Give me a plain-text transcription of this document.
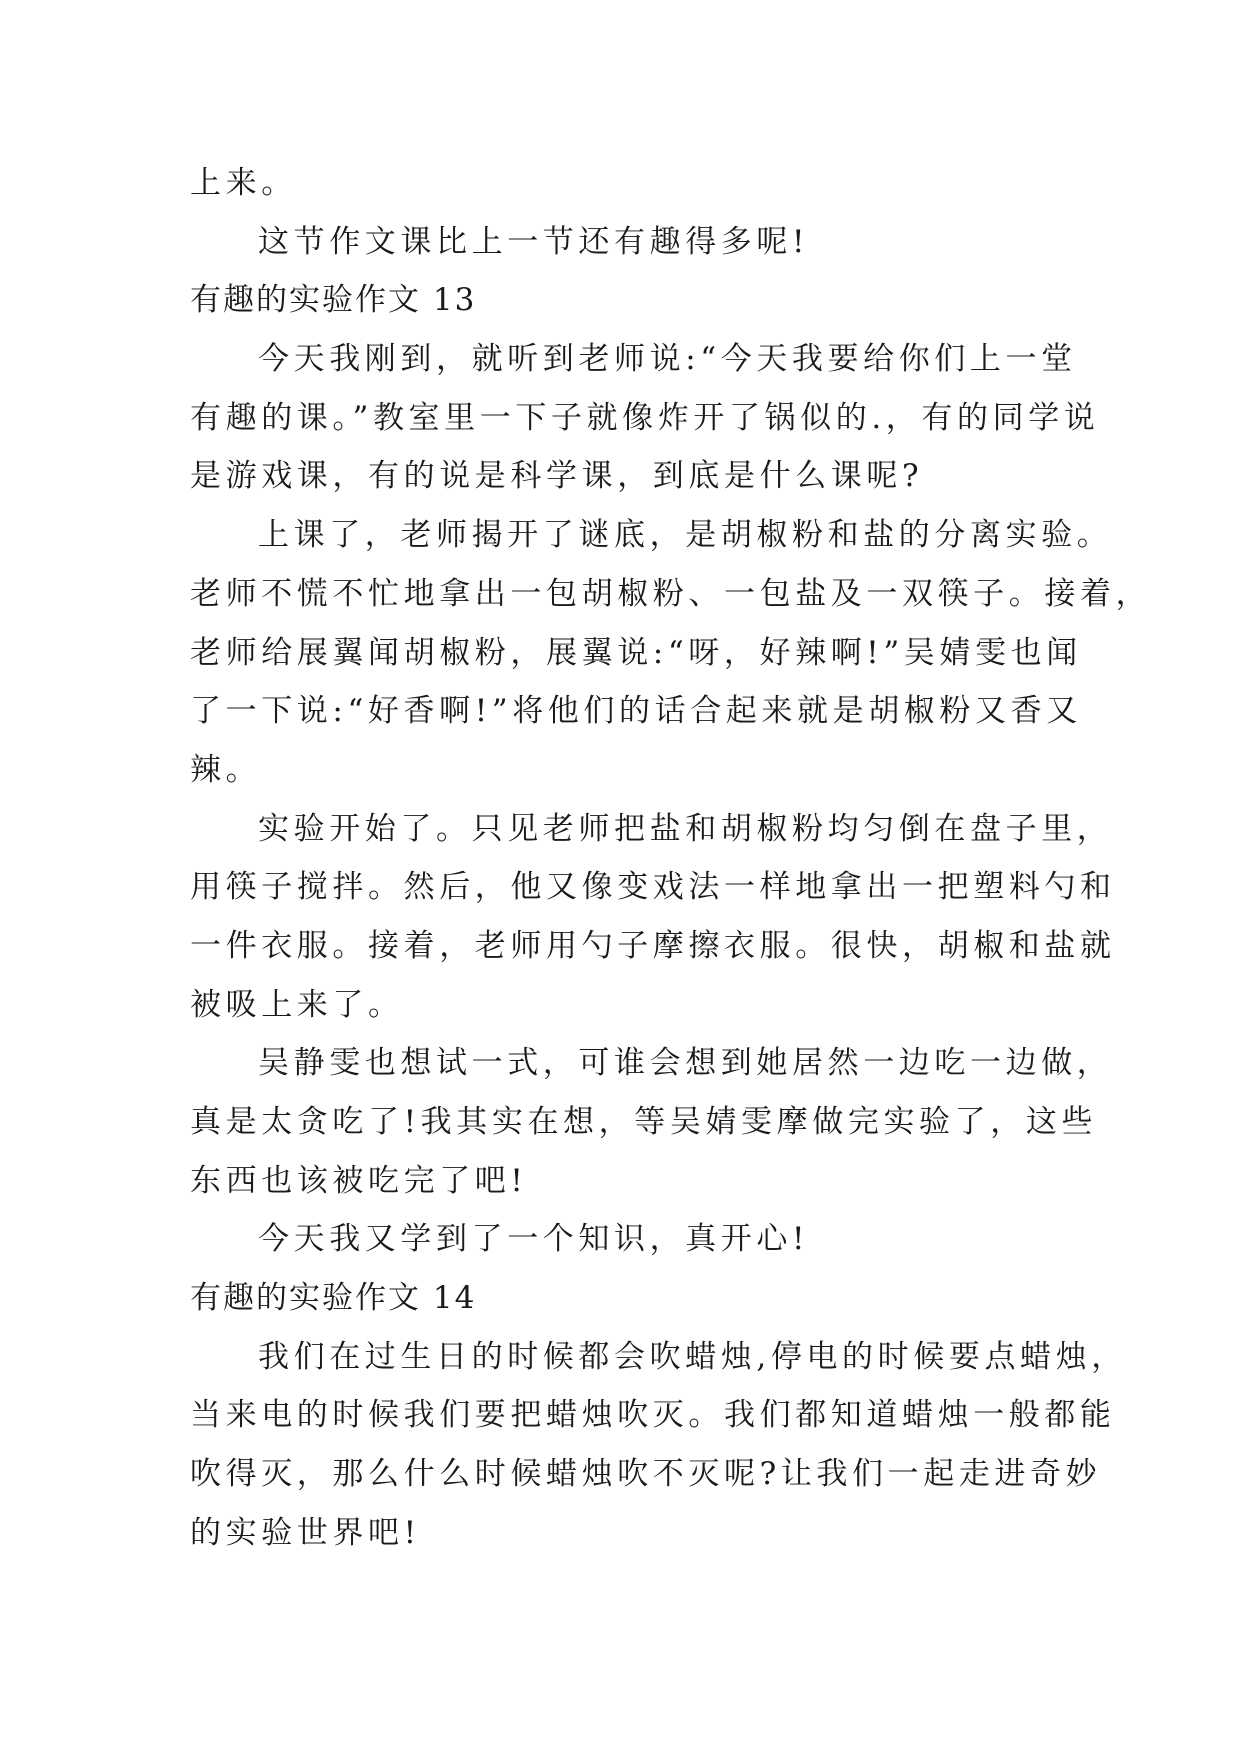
上来。
这节作文课比上一节还有趣得多呢!
有趣的实验作文 13
今天我刚到，就听到老师说:“今天我要给你们上一堂
有趣的课。”教室里一下子就像炸开了锅似的.，有的同学说
是游戏课，有的说是科学课，到底是什么课呢?
上课了，老师揭开了谜底，是胡椒粉和盐的分离实验。
老师不慌不忙地拿出一包胡椒粉、一包盐及一双筷子。接着，
老师给展翼闻胡椒粉，展翼说:“呀，好辣啊!”吴婧雯也闻
了一下说:“好香啊!”将他们的话合起来就是胡椒粉又香又
辣。
实验开始了。只见老师把盐和胡椒粉均匀倒在盘子里，
用筷子搅拌。然后，他又像变戏法一样地拿出一把塑料勺和
一件衣服。接着，老师用勺子摩擦衣服。很快，胡椒和盐就
被吸上来了。
吴静雯也想试一式，可谁会想到她居然一边吃一边做，
真是太贪吃了!我其实在想，等吴婧雯摩做完实验了，这些
东西也该被吃完了吧!
今天我又学到了一个知识，真开心!
有趣的实验作文 14
我们在过生日的时候都会吹蜡烛,停电的时候要点蜡烛，
当来电的时候我们要把蜡烛吹灭。我们都知道蜡烛一般都能
吹得灭，那么什么时候蜡烛吹不灭呢?让我们一起走进奇妙
的实验世界吧!
